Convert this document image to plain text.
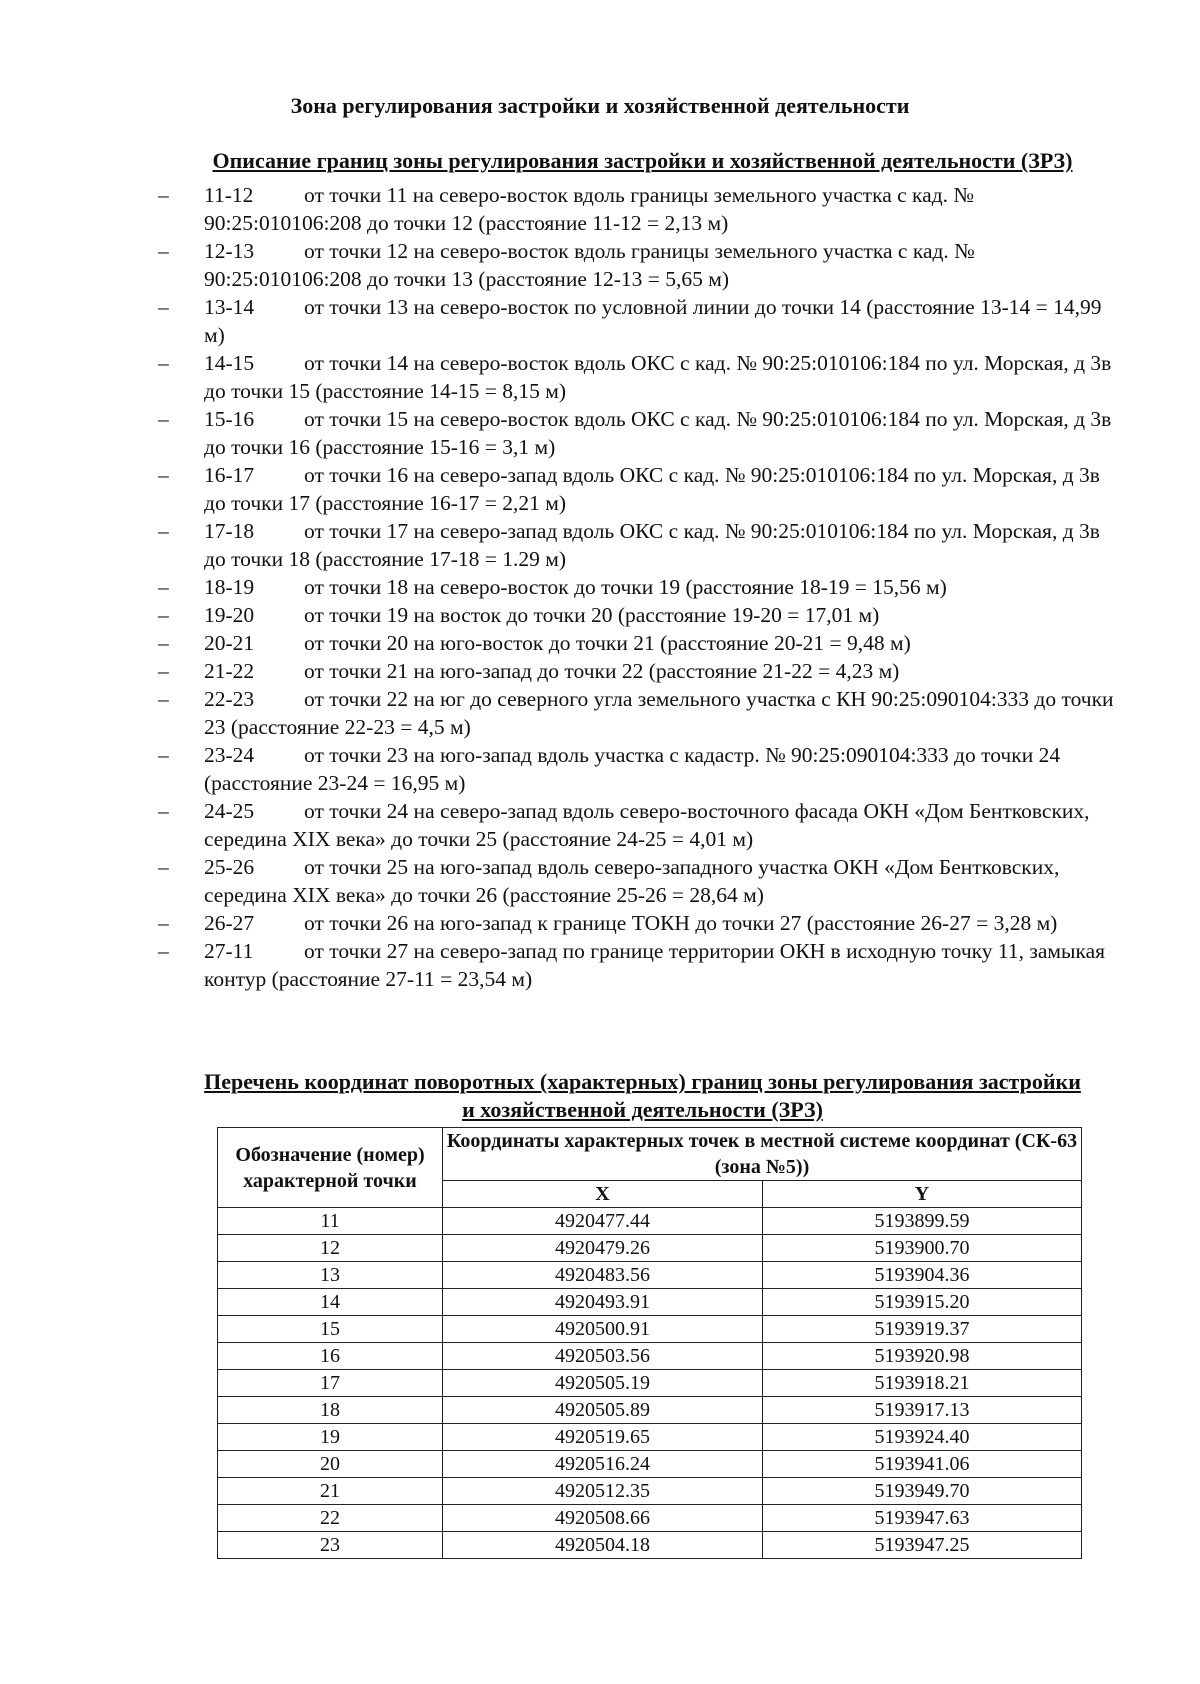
Зона регулирования застройки и хозяйственной деятельности
Описание границ зоны регулирования застройки и хозяйственной деятельности (ЗРЗ)
– 11-12 от точки 11 на северо-восток вдоль границы земельного участка с кад. № 90:25:010106:208 до точки 12 (расстояние 11-12 = 2,13 м)
– 12-13 от точки 12 на северо-восток вдоль границы земельного участка с кад. № 90:25:010106:208 до точки 13 (расстояние 12-13 = 5,65 м)
– 13-14 от точки 13 на северо-восток по условной линии до точки 14 (расстояние 13-14 = 14,99 м)
– 14-15 от точки 14 на северо-восток вдоль ОКС с кад. № 90:25:010106:184 по ул. Морская, д 3в до точки 15 (расстояние 14-15 = 8,15 м)
– 15-16 от точки 15 на северо-восток вдоль ОКС с кад. № 90:25:010106:184 по ул. Морская, д 3в до точки 16 (расстояние 15-16 = 3,1 м)
– 16-17 от точки 16 на северо-запад вдоль ОКС с кад. № 90:25:010106:184 по ул. Морская, д 3в до точки 17 (расстояние 16-17 = 2,21 м)
– 17-18 от точки 17 на северо-запад вдоль ОКС с кад. № 90:25:010106:184 по ул. Морская, д 3в до точки 18 (расстояние 17-18 = 1.29 м)
– 18-19 от точки 18 на северо-восток до точки 19 (расстояние 18-19 = 15,56 м)
– 19-20 от точки 19 на восток до точки 20 (расстояние 19-20 = 17,01 м)
– 20-21 от точки 20 на юго-восток до точки 21 (расстояние 20-21 = 9,48 м)
– 21-22 от точки 21 на юго-запад до точки 22 (расстояние 21-22 = 4,23 м)
– 22-23 от точки 22 на юг до северного угла земельного участка с КН 90:25:090104:333 до точки 23 (расстояние 22-23 = 4,5 м)
– 23-24 от точки 23 на юго-запад вдоль участка с кадастр. № 90:25:090104:333 до точки 24 (расстояние 23-24 = 16,95 м)
– 24-25 от точки 24 на северо-запад вдоль северо-восточного фасада ОКН «Дом Бентковских, середина XIX века» до точки 25 (расстояние 24-25 = 4,01 м)
– 25-26 от точки 25 на юго-запад вдоль северо-западного участка ОКН «Дом Бентковских, середина XIX века» до точки 26 (расстояние 25-26 = 28,64 м)
– 26-27 от точки 26 на юго-запад к границе ТОКН до точки 27 (расстояние 26-27 = 3,28 м)
– 27-11 от точки 27 на северо-запад по границе территории ОКН в исходную точку 11, замыкая контур (расстояние 27-11 = 23,54 м)
Перечень координат поворотных (характерных) границ зоны регулирования застройки
и хозяйственной деятельности (ЗРЗ)
Обозначение (номер) характерной точки	Координаты характерных точек в местной системе координат (СК-63 (зона №5))	
	X	Y
11	4920477.44	5193899.59
12	4920479.26	5193900.70
13	4920483.56	5193904.36
14	4920493.91	5193915.20
15	4920500.91	5193919.37
16	4920503.56	5193920.98
17	4920505.19	5193918.21
18	4920505.89	5193917.13
19	4920519.65	5193924.40
20	4920516.24	5193941.06
21	4920512.35	5193949.70
22	4920508.66	5193947.63
23	4920504.18	5193947.25
